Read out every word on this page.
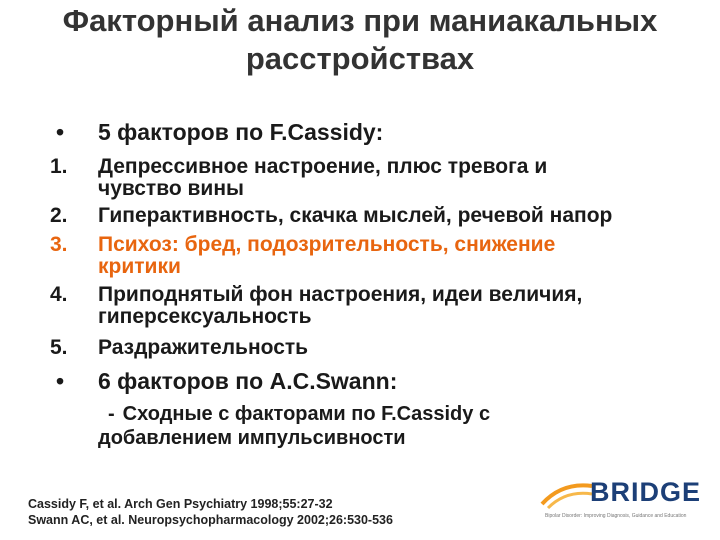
Факторный анализ при маниакальных
расстройствах
•	5 факторов по F.Cassidy:
1.	Депрессивное настроение, плюс тревога и
чувство вины
2.	Гиперактивность, скачка мыслей, речевой напор
3.	Психоз: бред, подозрительность, снижение
критики
4.	Приподнятый фон настроения, идеи величия,
гиперсексуальность
5.	Раздражительность
•	6 факторов по A.C.Swann:
- Сходные с факторами по F.Cassidy с
добавлением импульсивности
Cassidy F, et al. Arch Gen Psychiatry 1998;55:27-32
Swann AC, et al. Neuropsychopharmacology 2002;26:530-536
BRIDGE
Bipolar Disorder: Improving Diagnosis, Guidance and Education
